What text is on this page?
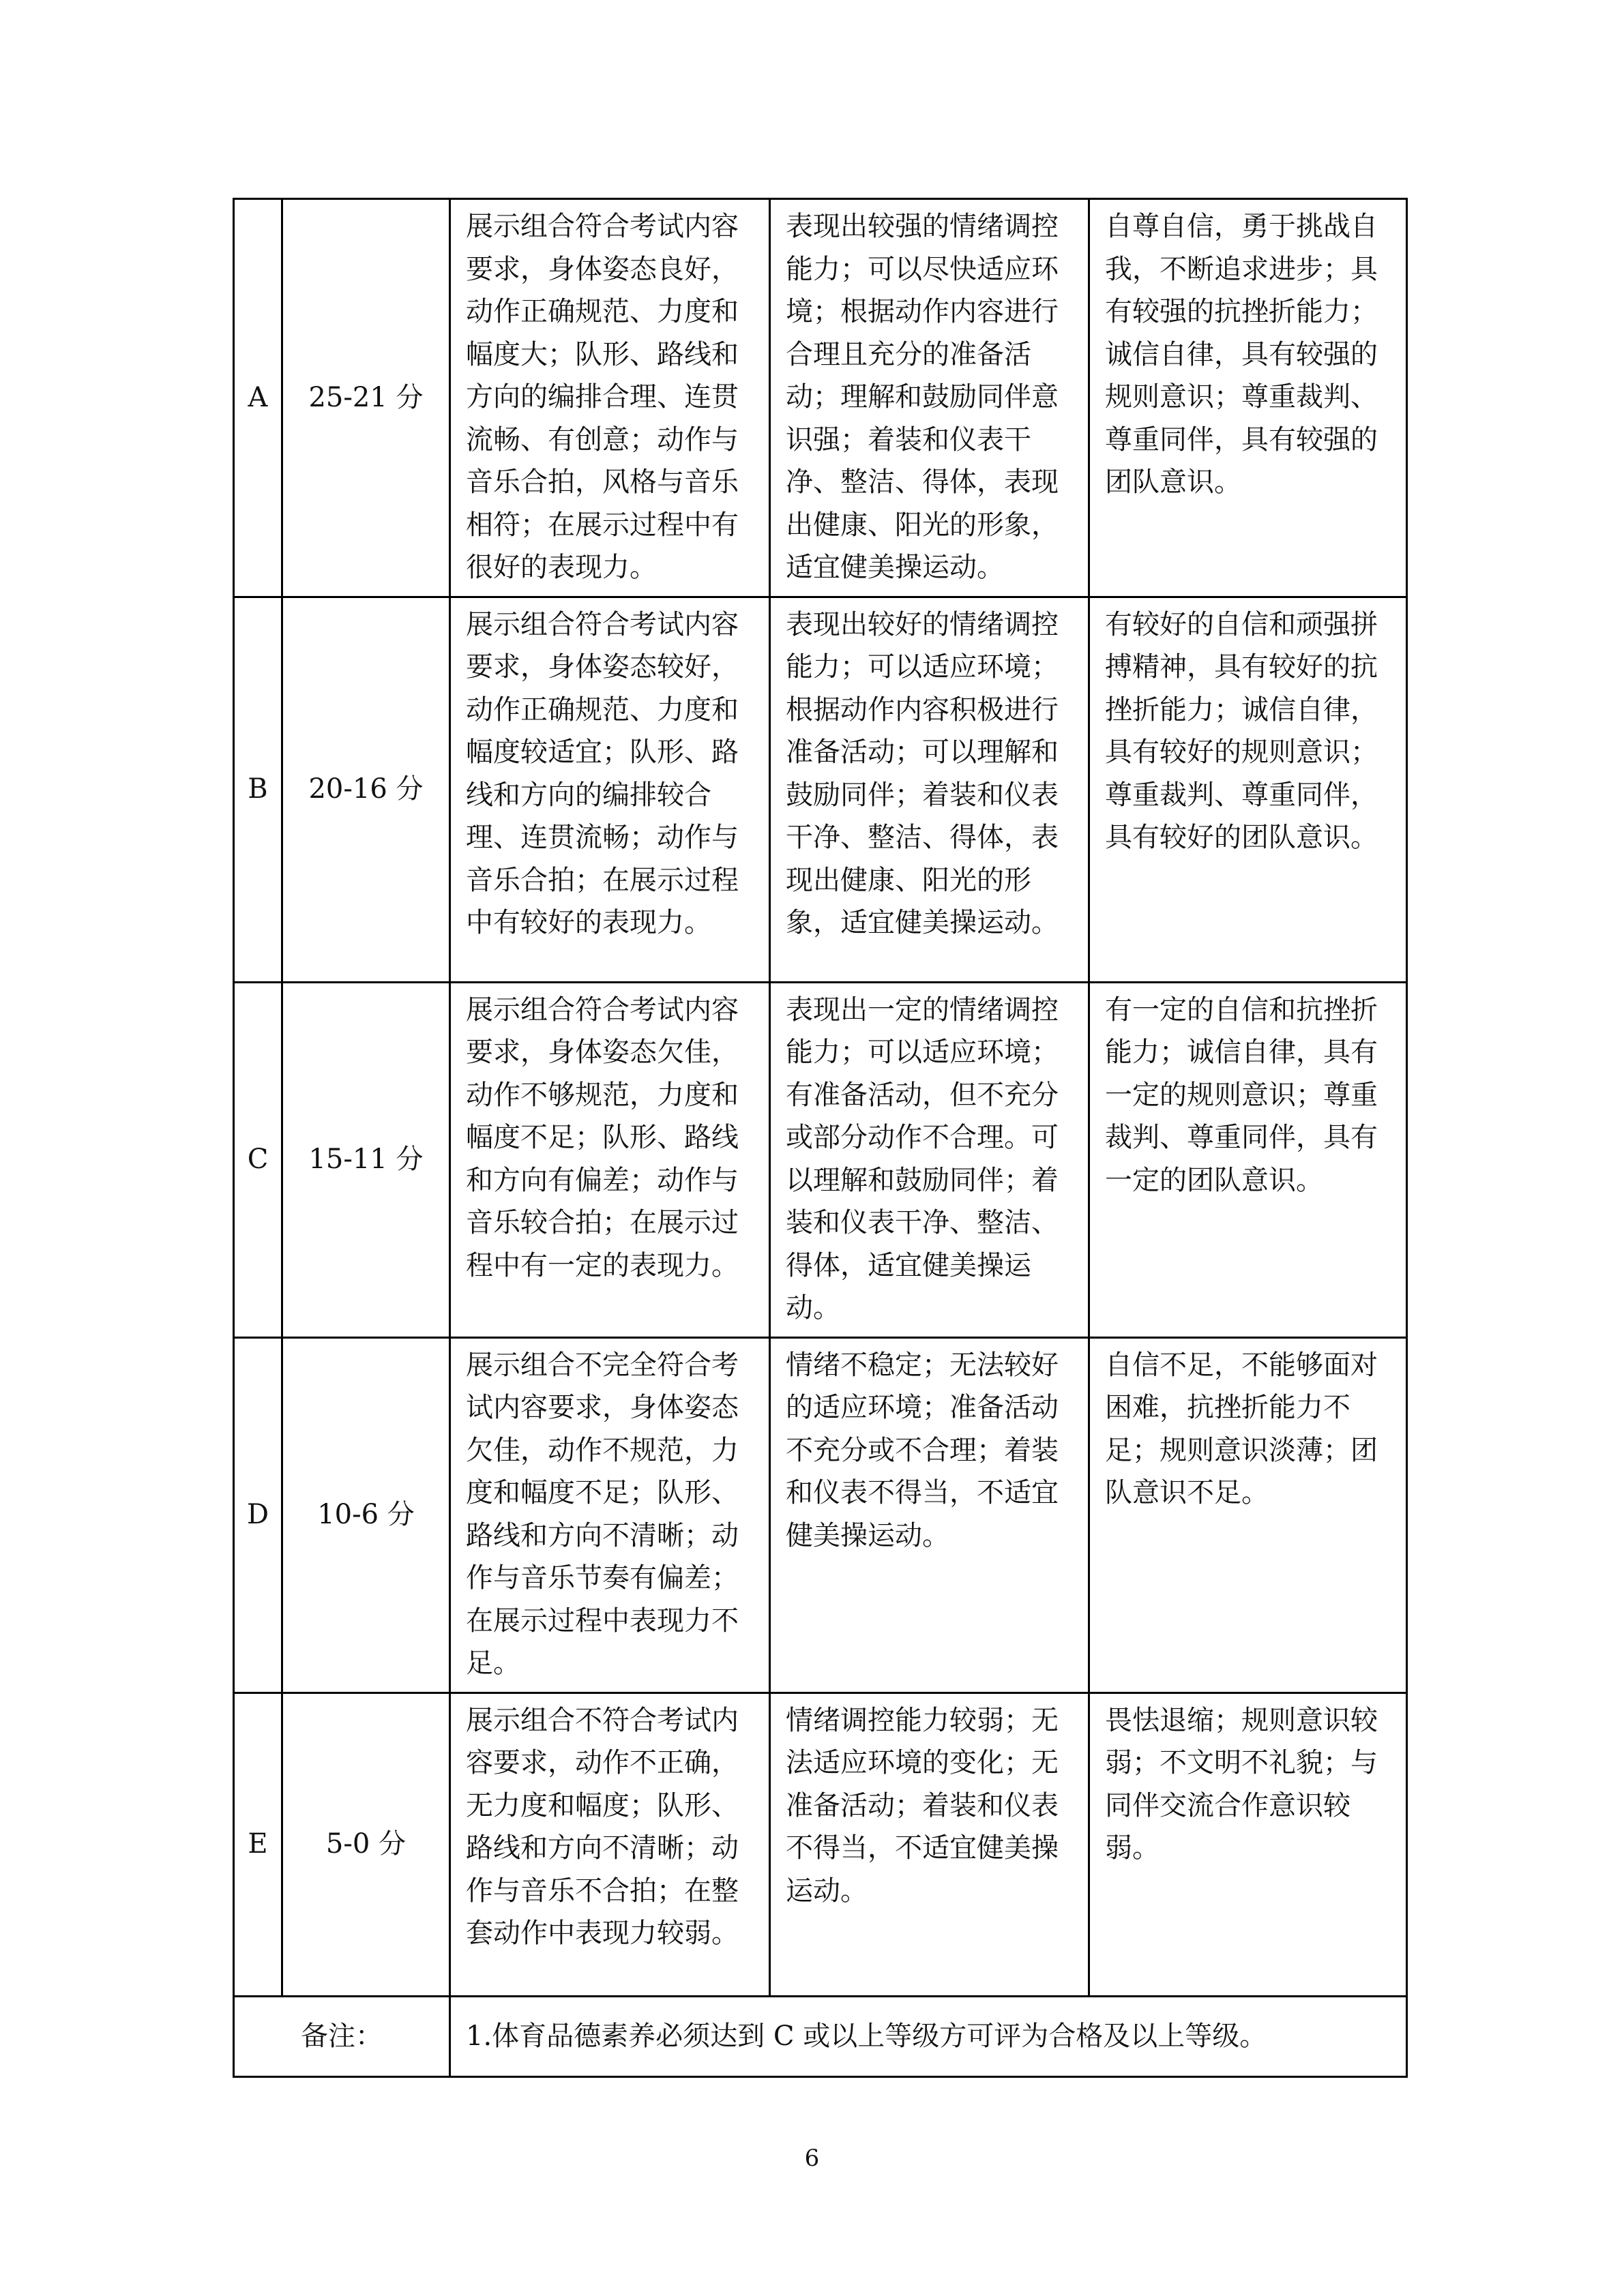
A	25-21 分	展示组合符合考试内容要求，身体姿态良好，动作正确规范、力度和幅度大；队形、路线和方向的编排合理、连贯流畅、有创意；动作与音乐合拍，风格与音乐相符；在展示过程中有很好的表现力。	表现出较强的情绪调控能力；可以尽快适应环境；根据动作内容进行合理且充分的准备活动；理解和鼓励同伴意识强；着装和仪表干净、整洁、得体，表现出健康、阳光的形象，适宜健美操运动。	自尊自信，勇于挑战自我，不断追求进步；具有较强的抗挫折能力；诚信自律，具有较强的规则意识；尊重裁判、尊重同伴，具有较强的团队意识。
B	20-16 分	展示组合符合考试内容要求，身体姿态较好，动作正确规范、力度和幅度较适宜；队形、路线和方向的编排较合理、连贯流畅；动作与音乐合拍；在展示过程中有较好的表现力。	表现出较好的情绪调控能力；可以适应环境；根据动作内容积极进行准备活动；可以理解和鼓励同伴；着装和仪表干净、整洁、得体，表现出健康、阳光的形象，适宜健美操运动。	有较好的自信和顽强拼搏精神，具有较好的抗挫折能力；诚信自律，具有较好的规则意识；尊重裁判、尊重同伴，具有较好的团队意识。
C	15-11 分	展示组合符合考试内容要求，身体姿态欠佳，动作不够规范，力度和幅度不足；队形、路线和方向有偏差；动作与音乐较合拍；在展示过程中有一定的表现力。	表现出一定的情绪调控能力；可以适应环境；有准备活动，但不充分或部分动作不合理。可以理解和鼓励同伴；着装和仪表干净、整洁、得体，适宜健美操运动。	有一定的自信和抗挫折能力；诚信自律，具有一定的规则意识；尊重裁判、尊重同伴，具有一定的团队意识。
D	10-6 分	展示组合不完全符合考试内容要求，身体姿态欠佳，动作不规范，力度和幅度不足；队形、路线和方向不清晰；动作与音乐节奏有偏差；在展示过程中表现力不足。	情绪不稳定；无法较好的适应环境；准备活动不充分或不合理；着装和仪表不得当，不适宜健美操运动。	自信不足，不能够面对困难，抗挫折能力不足；规则意识淡薄；团队意识不足。
E	5-0 分	展示组合不符合考试内容要求，动作不正确，无力度和幅度；队形、路线和方向不清晰；动作与音乐不合拍；在整套动作中表现力较弱。	情绪调控能力较弱；无法适应环境的变化；无准备活动；着装和仪表不得当，不适宜健美操运动。	畏怯退缩；规则意识较弱；不文明不礼貌；与同伴交流合作意识较弱。
备注：		1.体育品德素养必须达到 C 或以上等级方可评为合格及以上等级。		
6
